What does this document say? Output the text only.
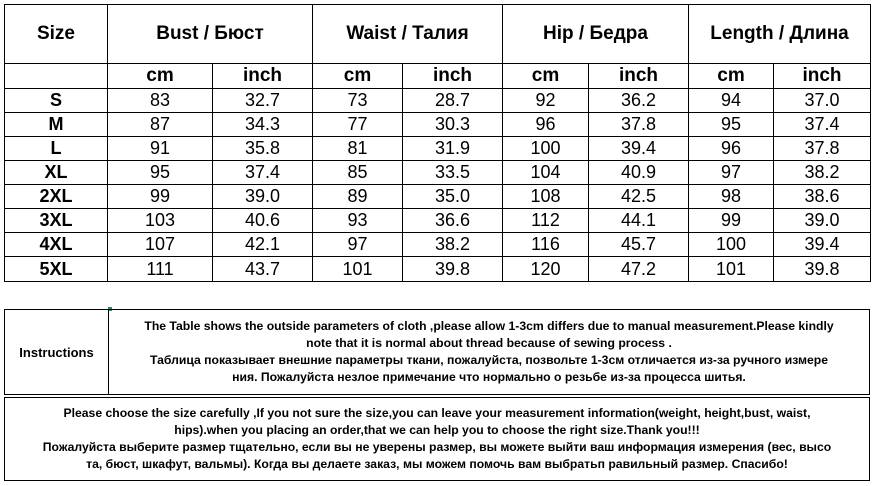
Size	Bust / Бюст		Waist / Талия		Hip / Бедра		Length / Длина	
	cm	inch	cm	inch	cm	inch	cm	inch
S	83	32.7	73	28.7	92	36.2	94	37.0
M	87	34.3	77	30.3	96	37.8	95	37.4
L	91	35.8	81	31.9	100	39.4	96	37.8
XL	95	37.4	85	33.5	104	40.9	97	38.2
2XL	99	39.0	89	35.0	108	42.5	98	38.6
3XL	103	40.6	93	36.6	112	44.1	99	39.0
4XL	107	42.1	97	38.2	116	45.7	100	39.4
5XL	111	43.7	101	39.8	120	47.2	101	39.8
Instructions
The Table shows the outside parameters of cloth ,please allow 1-3cm differs due to manual measurement.Please kindly
note that it is normal about thread because of sewing process .
Таблица показывает внешние параметры ткани, пожалуйста, позвольте 1-3см отличается из-за ручного измере
ния. Пожалуйста незлое примечание что нормально о резьбе из-за процесса шитья.
Please choose the size carefully ,If you not sure the size,you can leave your measurement information(weight, height,bust, waist,
hips).when you placing an order,that we can help you to choose the right size.Thank you!!!
Пожалуйста выберите размер тщательно, если вы не уверены размер, вы можете выйти ваш информация измерения (вес, высо
та, бюст, шкафут, вальмы). Когда вы делаете заказ, мы можем помочь вам выбратьп равильный размер. Спасибо!
